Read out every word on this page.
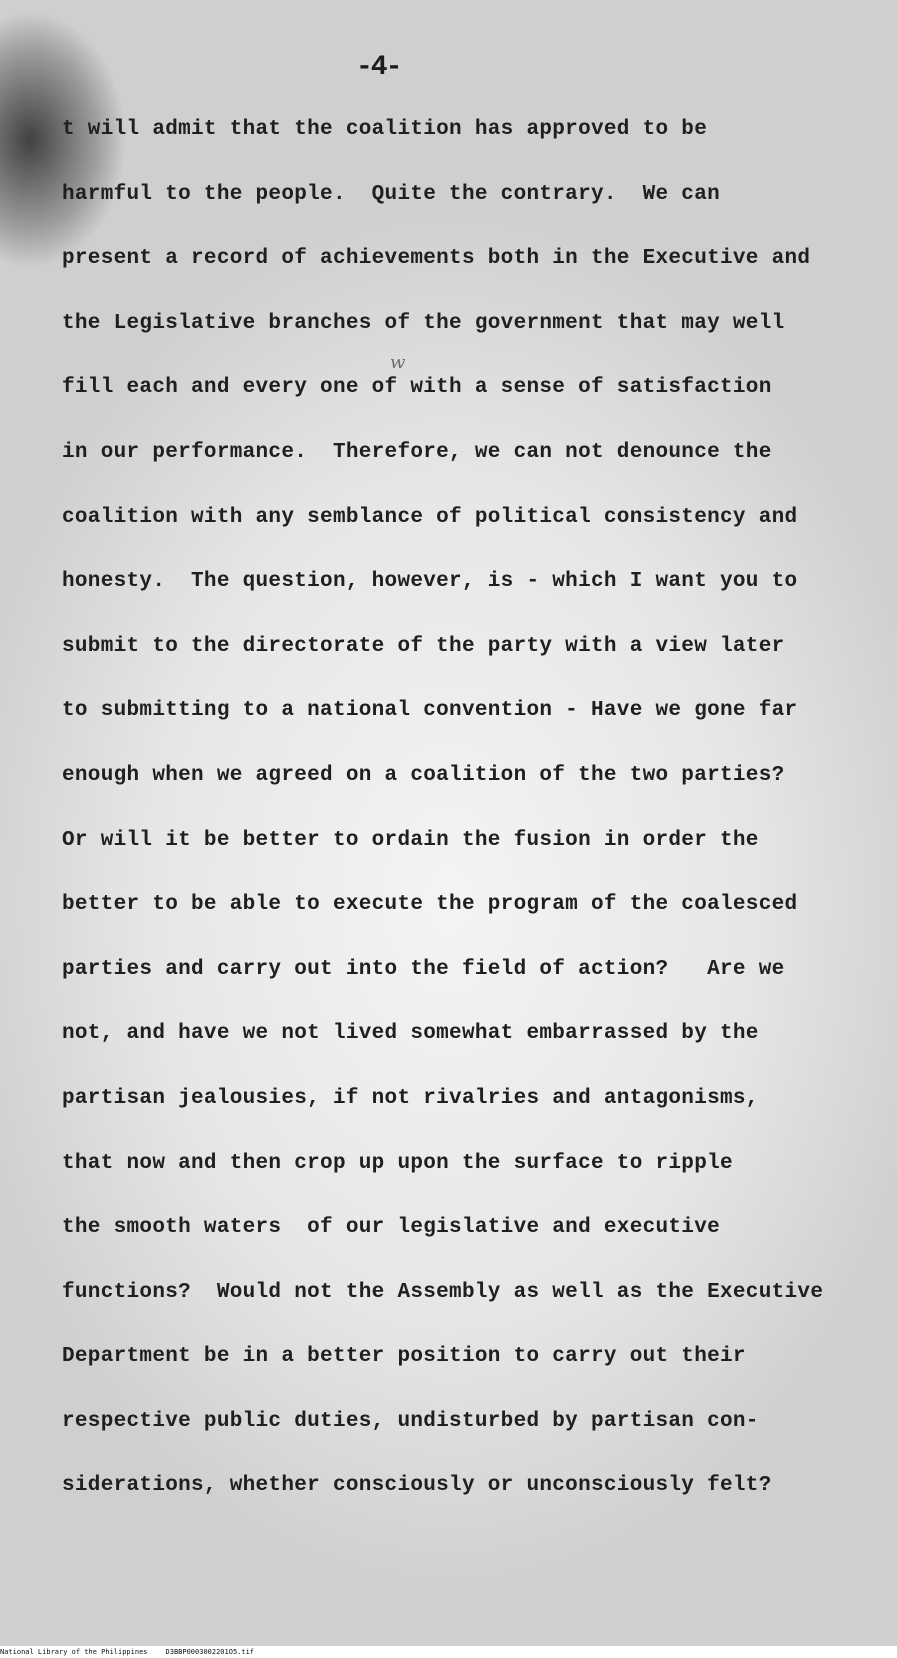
-4-
w
t will admit that the coalition has approved to be
harmful to the people.  Quite the contrary.  We can
present a record of achievements both in the Executive and
the Legislative branches of the government that may well
fill each and every one of with a sense of satisfaction
in our performance.  Therefore, we can not denounce the
coalition with any semblance of political consistency and
honesty.  The question, however, is - which I want you to
submit to the directorate of the party with a view later
to submitting to a national convention - Have we gone far
enough when we agreed on a coalition of the two parties?
Or will it be better to ordain the fusion in order the
better to be able to execute the program of the coalesced
parties and carry out into the field of action?   Are we
not, and have we not lived somewhat embarrassed by the
partisan jealousies, if not rivalries and antagonisms,
that now and then crop up upon the surface to ripple
the smooth waters  of our legislative and executive
functions?  Would not the Assembly as well as the Executive
Department be in a better position to carry out their
respective public duties, undisturbed by partisan con-
siderations, whether consciously or unconsciously felt?
National Library of the Philippines	D3BBP0003002201O5.tif
